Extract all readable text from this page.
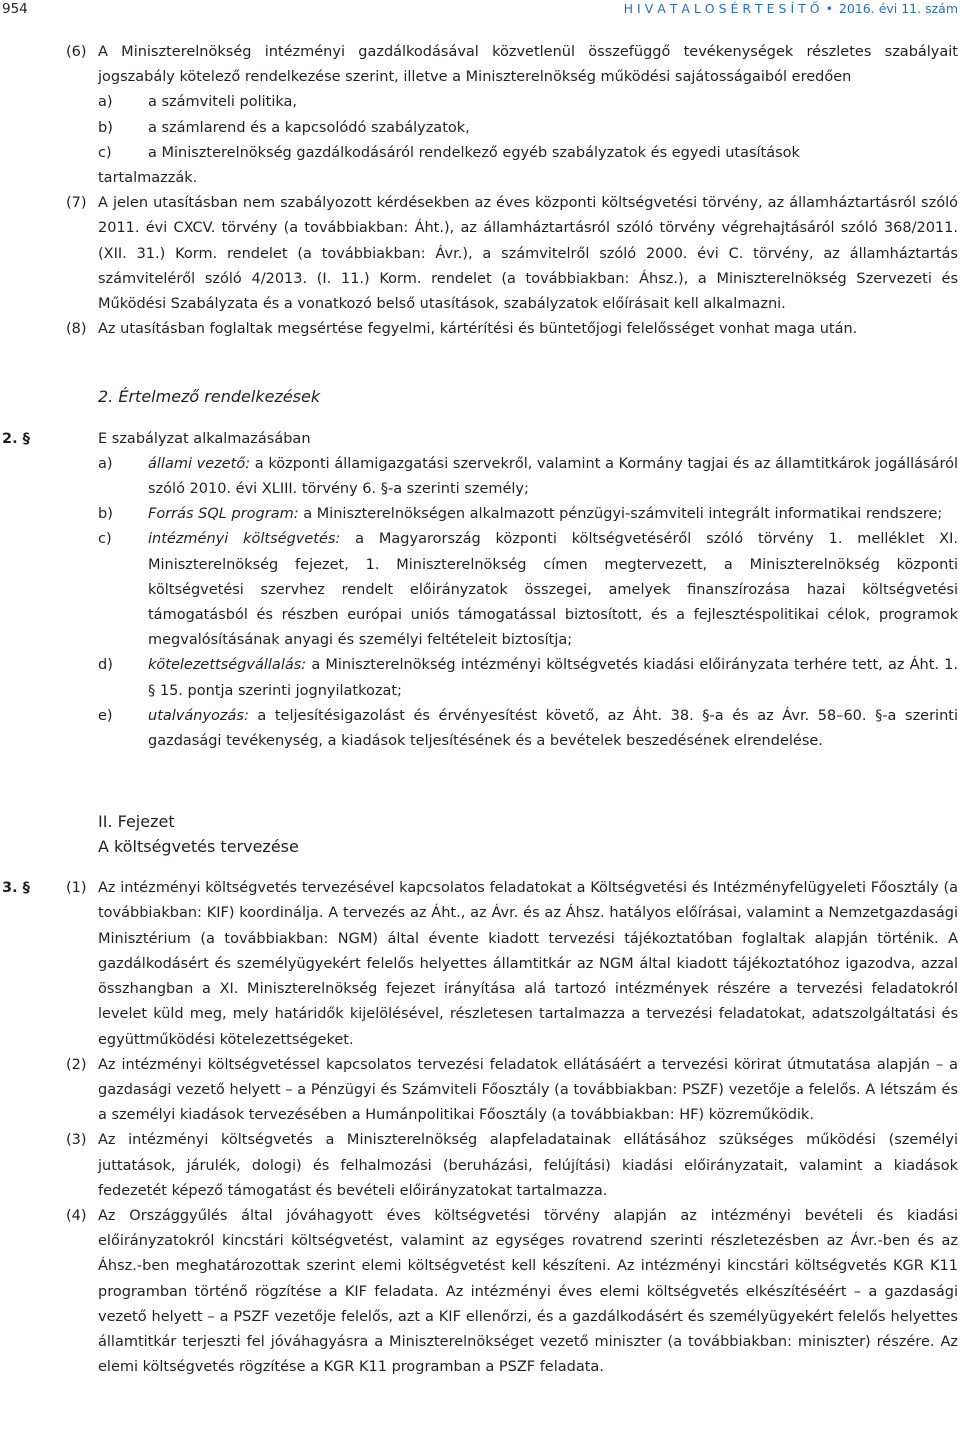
954	H I V A T A L O S É R T E S Í T Ő • 2016. évi 11. szám
(6) A Miniszterelnökség intézményi gazdálkodásával közvetlenül összefüggő tevékenységek részletes szabályait jogszabály kötelező rendelkezése szerint, illetve a Miniszterelnökség működési sajátosságaiból eredően
a) a számviteli politika,
b) a számlarend és a kapcsolódó szabályzatok,
c)	a Miniszterelnökség gazdálkodásáról rendelkező egyéb szabályzatok és egyedi utasítások
tartalmazzák.
(7) A jelen utasításban nem szabályozott kérdésekben az éves központi költségvetési törvény, az államháztartásról szóló 2011. évi CXCV. törvény (a továbbiakban: Áht.), az államháztartásról szóló törvény végrehajtásáról szóló 368/2011. (XII. 31.) Korm. rendelet (a továbbiakban: Ávr.), a számvitelről szóló 2000. évi C. törvény, az államháztartás számviteléről szóló 4/2013. (I. 11.) Korm. rendelet (a továbbiakban: Áhsz.), a Miniszterelnökség Szervezeti és Működési Szabályzata és a vonatkozó belső utasítások, szabályzatok előírásait kell alkalmazni.
(8) Az utasításban foglaltak megsértése fegyelmi, kártérítési és büntetőjogi felelősséget vonhat maga után.
2. Értelmező rendelkezések
2. §	E szabályzat alkalmazásában
a) állami vezető: a központi államigazgatási szervekről, valamint a Kormány tagjai és az államtitkárok jogállásáról szóló 2010. évi XLIII. törvény 6. §-a szerinti személy;
b) Forrás SQL program: a Miniszterelnökségen alkalmazott pénzügyi-számviteli integrált informatikai rendszere;
c)	intézményi költségvetés: a Magyarország központi költségvetéséről szóló törvény 1. melléklet XI. Miniszterelnökség fejezet, 1. Miniszterelnökség címen megtervezett, a Miniszterelnökség központi költségvetési szervhez rendelt előirányzatok összegei, amelyek finanszírozása hazai költségvetési támogatásból és részben európai uniós támogatással biztosított, és a fejlesztéspolitikai célok, programok megvalósításának anyagi és személyi feltételeit biztosítja;
d) kötelezettségvállalás: a Miniszterelnökség intézményi költségvetés kiadási előirányzata terhére tett, az Áht. 1. § 15. pontja szerinti jognyilatkozat;
e) utalványozás: a teljesítésigazolást és érvényesítést követő, az Áht. 38. §-a és az Ávr. 58–60. §-a szerinti gazdasági tevékenység, a kiadások teljesítésének és a bevételek beszedésének elrendelése.
II. Fejezet
A költségvetés tervezése
3. § (1) Az intézményi költségvetés tervezésével kapcsolatos feladatokat a Költségvetési és Intézményfelügyeleti Főosztály (a továbbiakban: KIF) koordinálja. A tervezés az Áht., az Ávr. és az Áhsz. hatályos előírásai, valamint a Nemzetgazdasági Minisztérium (a továbbiakban: NGM) által évente kiadott tervezési tájékoztatóban foglaltak alapján történik. A gazdálkodásért és személyügyekért felelős helyettes államtitkár az NGM által kiadott tájékoztatóhoz igazodva, azzal összhangban a XI. Miniszterelnökség fejezet irányítása alá tartozó intézmények részére a tervezési feladatokról levelet küld meg, mely határidők kijelölésével, részletesen tartalmazza a tervezési feladatokat, adatszolgáltatási és együttműködési kötelezettségeket.
(2) Az intézményi költségvetéssel kapcsolatos tervezési feladatok ellátásáért a tervezési körirat útmutatása alapján – a gazdasági vezető helyett – a Pénzügyi és Számviteli Főosztály (a továbbiakban: PSZF) vezetője a felelős. A létszám és a személyi kiadások tervezésében a Humánpolitikai Főosztály (a továbbiakban: HF) közreműködik.
(3) Az intézményi költségvetés a Miniszterelnökség alapfeladatainak ellátásához szükséges működési (személyi juttatások, járulék, dologi) és felhalmozási (beruházási, felújítási) kiadási előirányzatait, valamint a kiadások fedezetét képező támogatást és bevételi előirányzatokat tartalmazza.
(4) Az Országgyűlés által jóváhagyott éves költségvetési törvény alapján az intézményi bevételi és kiadási előirányzatokról kincstári költségvetést, valamint az egységes rovatrend szerinti részletezésben az Ávr.-ben és az Áhsz.-ben meghatározottak szerint elemi költségvetést kell készíteni. Az intézményi kincstári költségvetés KGR K11 programban történő rögzítése a KIF feladata. Az intézményi éves elemi költségvetés elkészítéséért – a gazdasági vezető helyett – a PSZF vezetője felelős, azt a KIF ellenőrzi, és a gazdálkodásért és személyügyekért felelős helyettes államtitkár terjeszti fel jóváhagyásra a Miniszterelnökséget vezető miniszter (a továbbiakban: miniszter) részére. Az elemi költségvetés rögzítése a KGR K11 programban a PSZF feladata.
